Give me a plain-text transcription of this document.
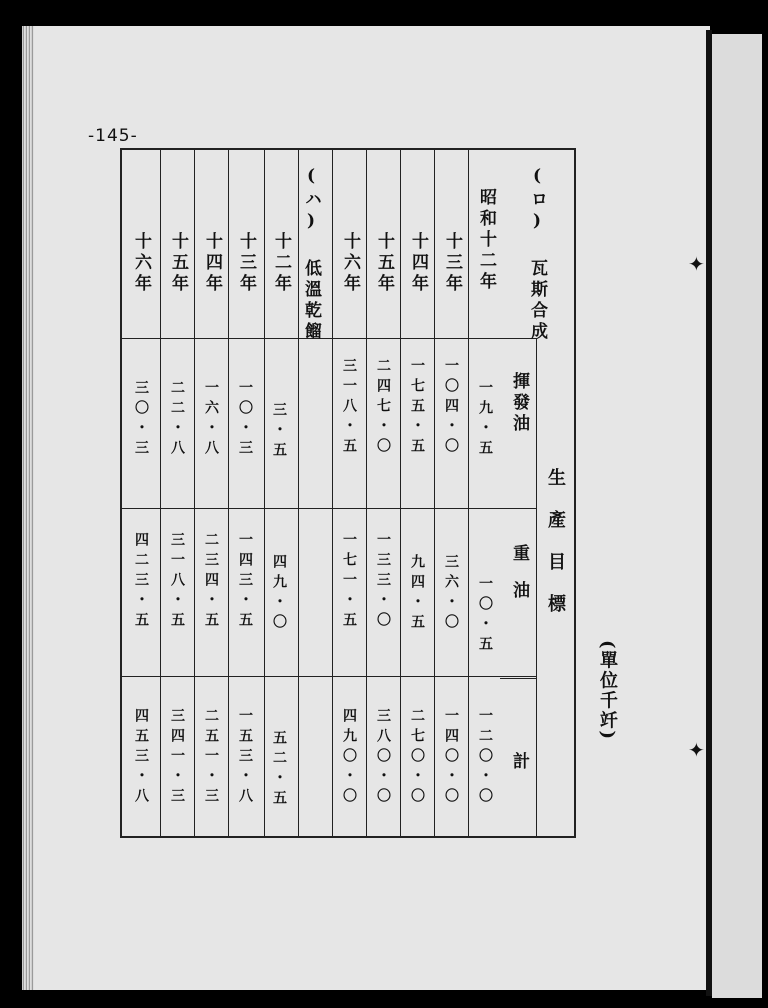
✦
✦
-145-
(單位千竏)
(ロ) 瓦斯合成
(ハ) 低溫乾餾
生產目標
揮發油
重油
計
昭和十二年
十三年
十四年
十五年
十六年
十二年
十三年
十四年
十五年
十六年
一九・五
一〇四・〇
一七五・五
二四七・〇
三一八・五
三・五
一〇・三
一六・八
二二・八
三〇・三
一〇・五
三六・〇
九四・五
一三三・〇
一七一・五
四九・〇
一四三・五
二三四・五
三一八・五
四二三・五
一二〇・〇
一四〇・〇
二七〇・〇
三八〇・〇
四九〇・〇
五二・五
一五三・八
二五一・三
三四一・三
四五三・八
